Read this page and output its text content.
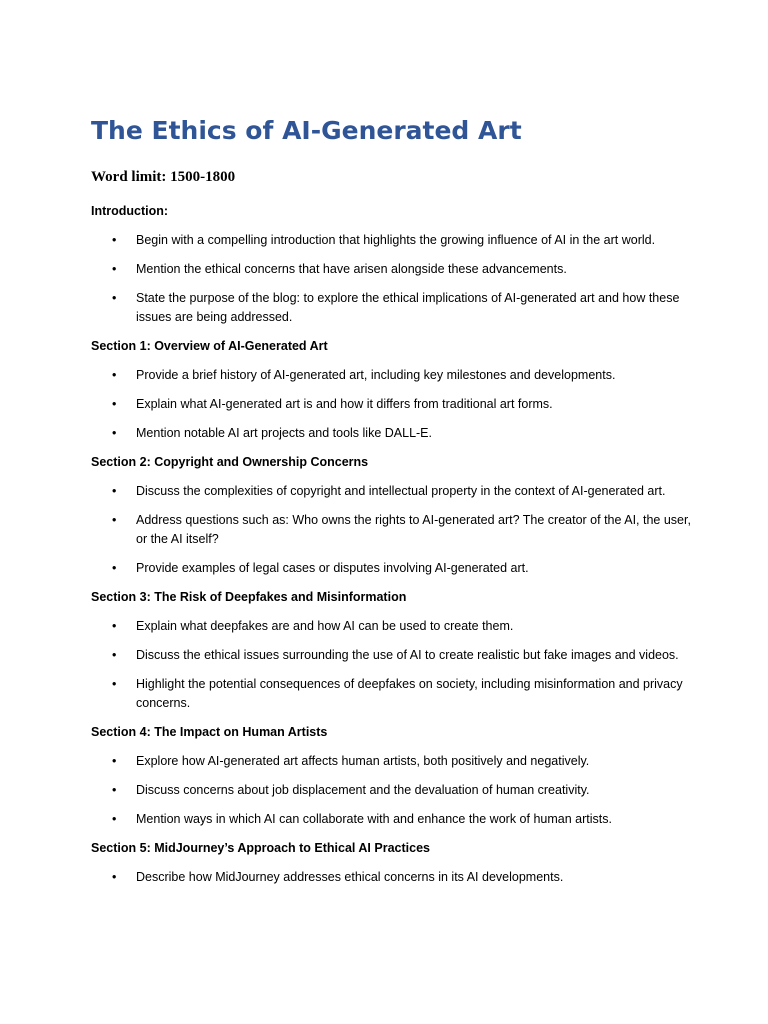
The Ethics of AI-Generated Art

Word limit: 1500-1800

Introduction:

• Begin with a compelling introduction that highlights the growing influence of AI in the art world.
• Mention the ethical concerns that have arisen alongside these advancements.
• State the purpose of the blog: to explore the ethical implications of AI-generated art and how these issues are being addressed.

Section 1: Overview of AI-Generated Art

• Provide a brief history of AI-generated art, including key milestones and developments.
• Explain what AI-generated art is and how it differs from traditional art forms.
• Mention notable AI art projects and tools like DALL-E.

Section 2: Copyright and Ownership Concerns

• Discuss the complexities of copyright and intellectual property in the context of AI-generated art.
• Address questions such as: Who owns the rights to AI-generated art? The creator of the AI, the user, or the AI itself?
• Provide examples of legal cases or disputes involving AI-generated art.

Section 3: The Risk of Deepfakes and Misinformation

• Explain what deepfakes are and how AI can be used to create them.
• Discuss the ethical issues surrounding the use of AI to create realistic but fake images and videos.
• Highlight the potential consequences of deepfakes on society, including misinformation and privacy concerns.

Section 4: The Impact on Human Artists

• Explore how AI-generated art affects human artists, both positively and negatively.
• Discuss concerns about job displacement and the devaluation of human creativity.
• Mention ways in which AI can collaborate with and enhance the work of human artists.

Section 5: MidJourney’s Approach to Ethical AI Practices

• Describe how MidJourney addresses ethical concerns in its AI developments.
